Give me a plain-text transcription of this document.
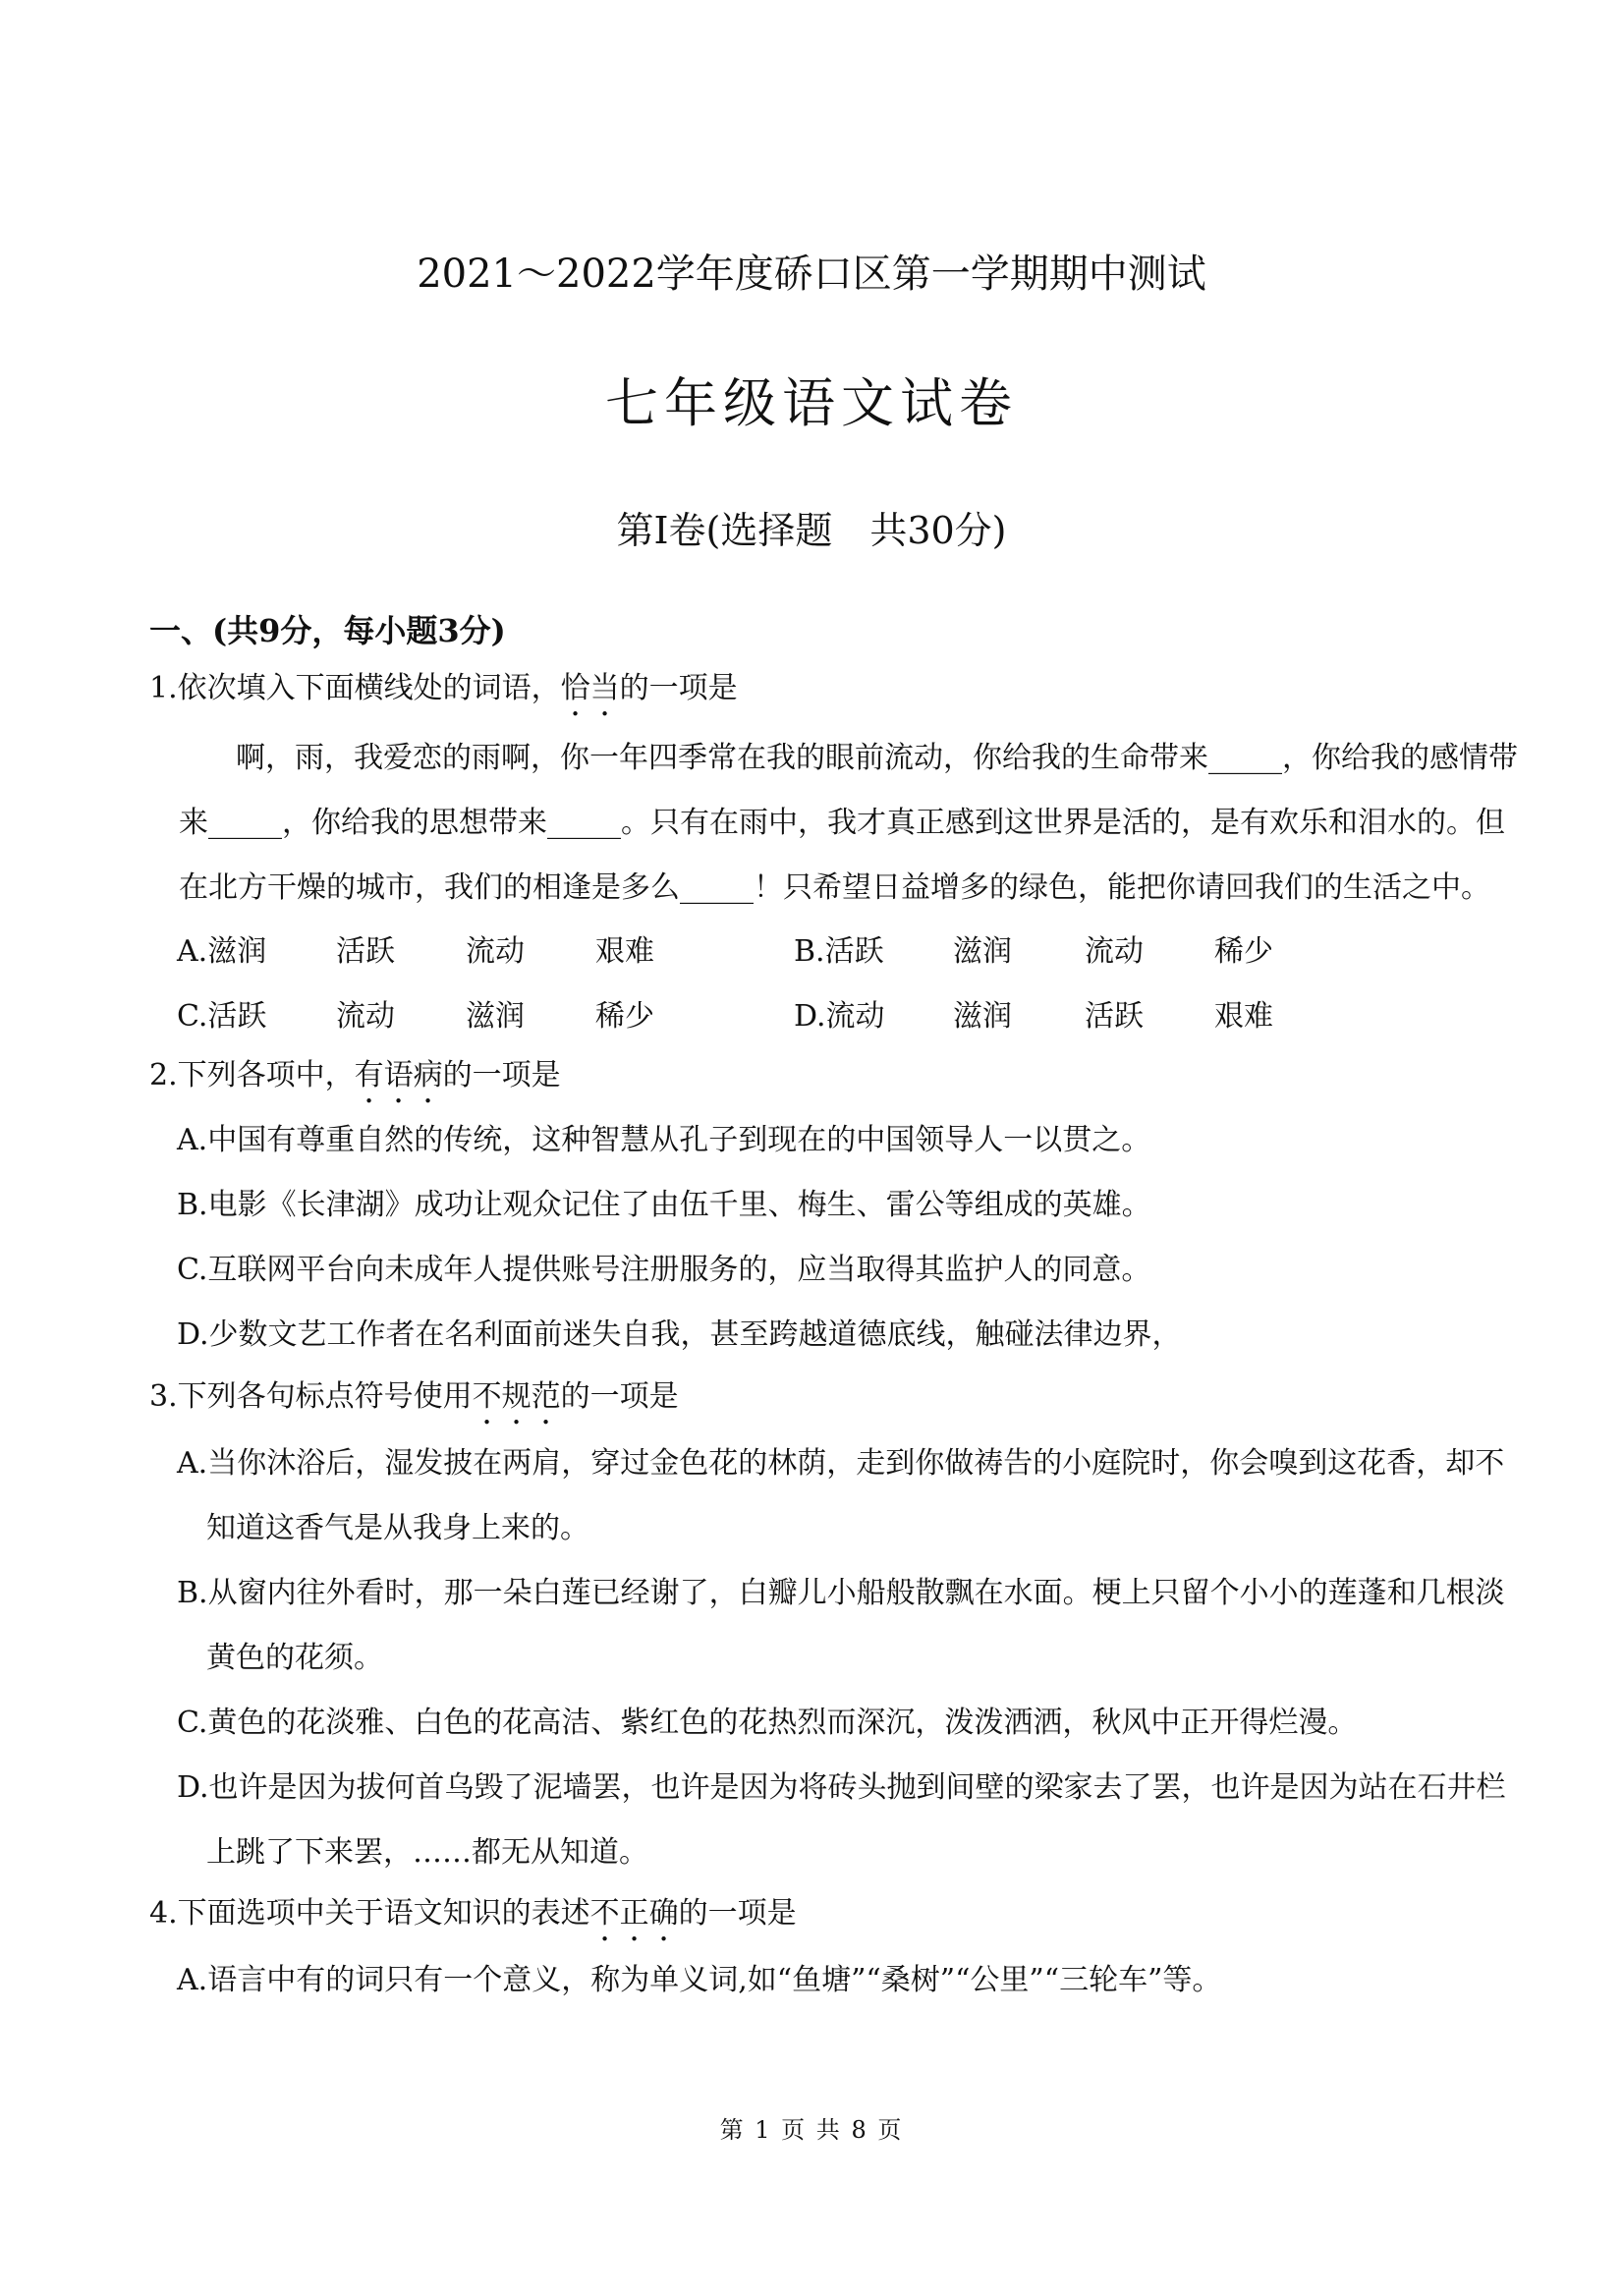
2021～2022学年度硚口区第一学期期中测试
七年级语文试卷
第Ⅰ卷(选择题　共30分)
一、(共9分，每小题3分)
1.依次填入下面横线处的词语，恰当的一项是
啊，雨，我爱恋的雨啊，你一年四季常在我的眼前流动，你给我的生命带来_____，你给我的感情带
来_____，你给我的思想带来_____。只有在雨中，我才真正感到这世界是活的，是有欢乐和泪水的。但
在北方干燥的城市，我们的相逢是多么_____！只希望日益增多的绿色，能把你请回我们的生活之中。
A.滋润 活跃 流动 艰难	B.活跃 滋润 流动 稀少
C.活跃 流动 滋润 稀少	D.流动 滋润 活跃 艰难
2.下列各项中，有语病的一项是
A.中国有尊重自然的传统，这种智慧从孔子到现在的中国领导人一以贯之。
B.电影《长津湖》成功让观众记住了由伍千里、梅生、雷公等组成的英雄。
C.互联网平台向未成年人提供账号注册服务的，应当取得其监护人的同意。
D.少数文艺工作者在名利面前迷失自我，甚至跨越道德底线，触碰法律边界，
3.下列各句标点符号使用不规范的一项是
A.当你沐浴后，湿发披在两肩，穿过金色花的林荫，走到你做祷告的小庭院时，你会嗅到这花香，却不
知道这香气是从我身上来的。
B.从窗内往外看时，那一朵白莲已经谢了，白瓣儿小船般散飘在水面。梗上只留个小小的莲蓬和几根淡
黄色的花须。
C.黄色的花淡雅、白色的花高洁、紫红色的花热烈而深沉，泼泼洒洒，秋风中正开得烂漫。
D.也许是因为拔何首乌毁了泥墙罢，也许是因为将砖头抛到间壁的梁家去了罢，也许是因为站在石井栏
上跳了下来罢，……都无从知道。
4.下面选项中关于语文知识的表述不正确的一项是
A.语言中有的词只有一个意义，称为单义词,如“鱼塘”“桑树”“公里”“三轮车”等。
第 1 页 共 8 页
